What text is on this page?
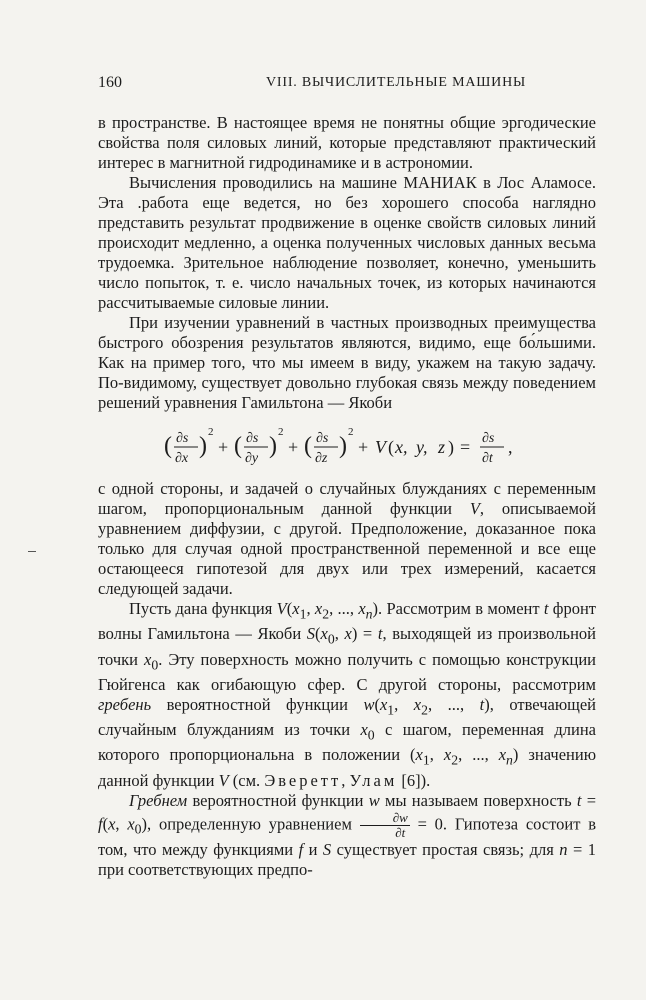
160	VIII. ВЫЧИСЛИТЕЛЬНЫЕ МАШИНЫ

в пространстве. В настоящее время не понятны общие эргодические свойства поля силовых линий, которые представляют практический интерес в магнитной гидродинамике и в астрономии.

Вычисления проводились на машине МАНИАК в Лос Аламосе. Эта .работа еще ведется, но без хорошего способа наглядно представить результат продвижение в оценке свойств силовых линий происходит медленно, а оценка полученных числовых данных весьма трудоемка. Зрительное наблюдение позволяет, конечно, уменьшить число попыток, т. е. число начальных точек, из которых начинаются рассчитываемые силовые линии.

При изучении уравнений в частных производных преимущества быстрого обозрения результатов являются, видимо, еще бо́льшими. Как на пример того, что мы имеем в виду, укажем на такую задачу. По-видимому, существует довольно глубокая связь между поведением решений уравнения Гамильтона — Якоби

( ∂s
∂x )
2
+ ( ∂s
∂y )
2
+ ( ∂s
∂z )
2
+ V ( x, y, z ) = ∂s
∂t
,

с одной стороны, и задачей о случайных блужданиях с переменным шагом, пропорциональным данной функции V, описываемой уравнением диффузии, с другой. Предположение, доказанное пока только для случая одной пространственной переменной и все еще остающееся гипотезой для двух или трех измерений, касается следующей задачи.

Пусть дана функция $V(x_1$, $x_2$, ..., $x_n$). Рассмотрим в момент t фронт волны Гамильтона — Якоби $S(x_0$, x) = t, выходящей из произвольной точки $x_0$. Эту поверхность можно получить с помощью конструкции Гюйгенса как огибающую сфер. С другой стороны, рассмотрим гребень вероятностной функции $w(x_1$, $x_2$, ..., t), отвечающей случайным блужданиям из точки $x_0$ с шагом, переменная длина которого пропорциональна в положении ($x_1$, $x_2$, ..., $x_n$) значению данной функции V (см. Эверетт, Улам [6]).

Гребнем вероятностной функции w мы называем поверхность t = f(x, $x_0$), определенную уравнением $\frac{\partial w}{\partial t} = 0$. Гипотеза состоит в том, что между функциями f и S существует простая связь; для n = 1 при соответствующих предпо-
